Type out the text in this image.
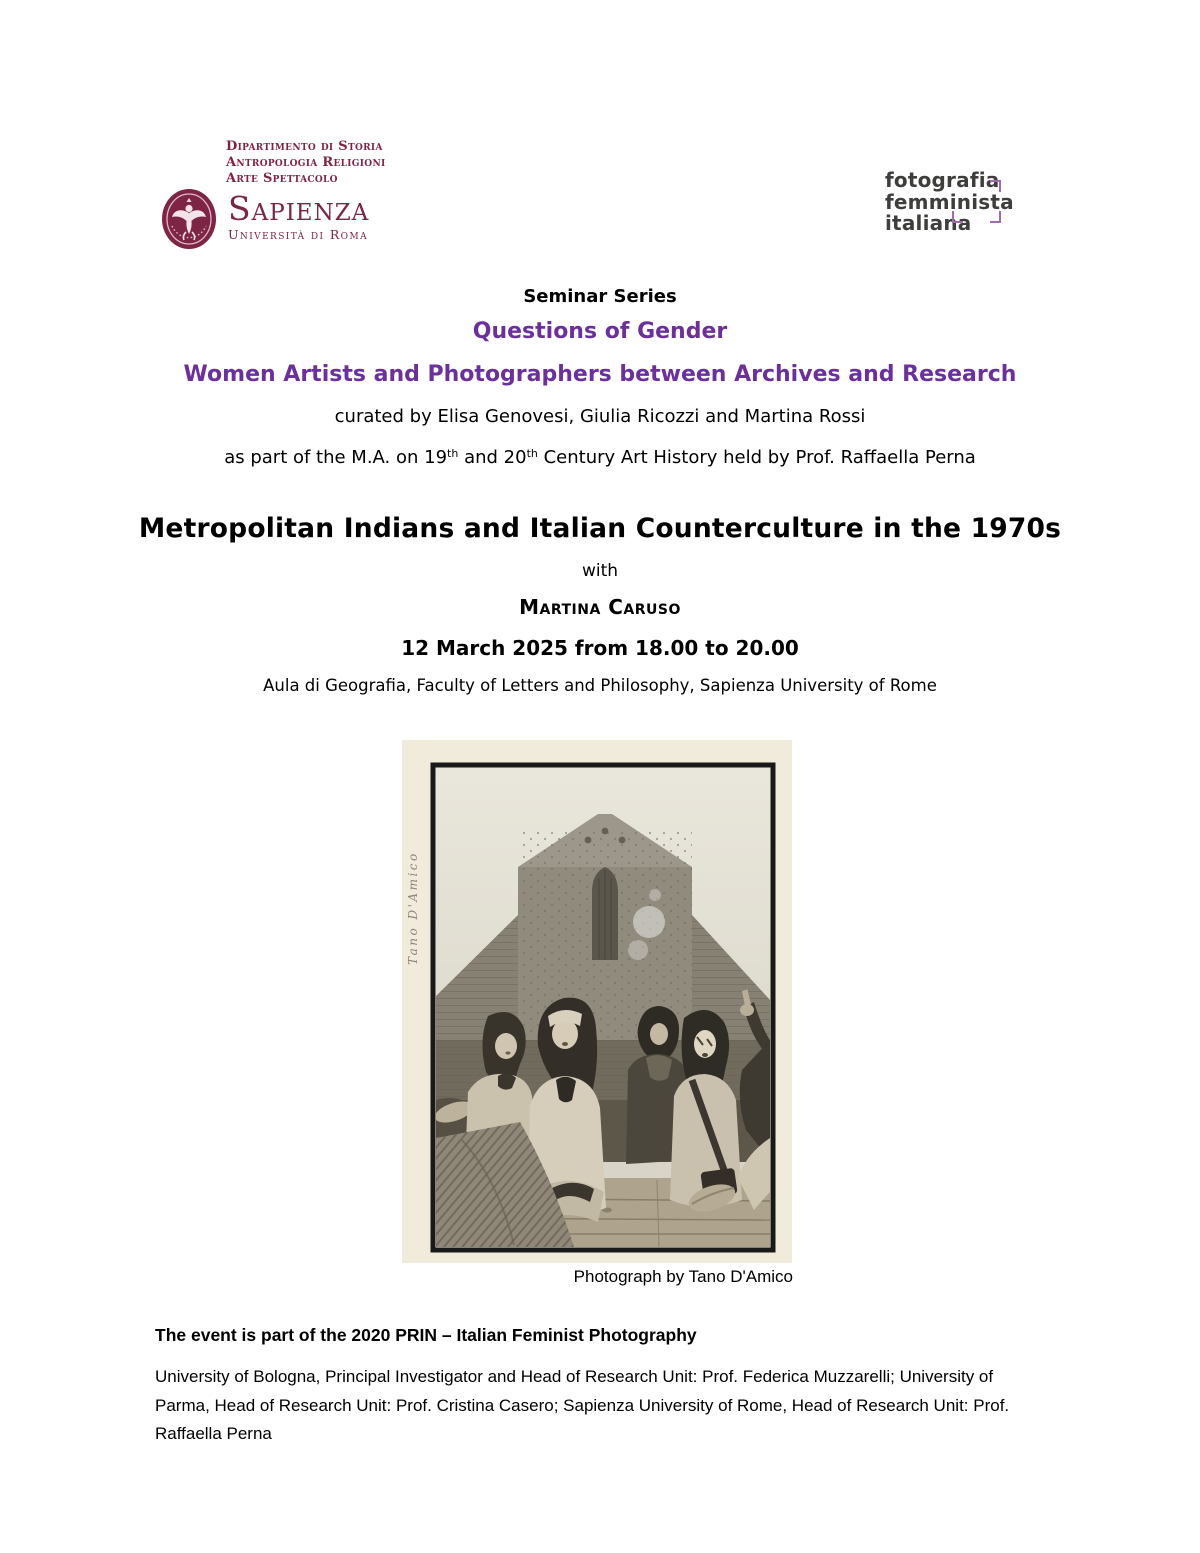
Dipartimento di Storia
Antropologia Religioni
Arte Spettacolo
Sapienza
Università di Roma
fotografia
femminista
italiana
Seminar Series
Questions of Gender
Women Artists and Photographers between Archives and Research
curated by Elisa Genovesi, Giulia Ricozzi and Martina Rossi
as part of the M.A. on 19th and 20th Century Art History held by Prof. Raffaella Perna
Metropolitan Indians and Italian Counterculture in the 1970s
with
Martina Caruso
12 March 2025 from 18.00 to 20.00
Aula di Geografia, Faculty of Letters and Philosophy, Sapienza University of Rome
Tano D'Amico
Photograph by Tano D'Amico
The event is part of the 2020 PRIN – Italian Feminist Photography
University of Bologna, Principal Investigator and Head of Research Unit: Prof. Federica Muzzarelli; University of Parma, Head of Research Unit: Prof. Cristina Casero; Sapienza University of Rome, Head of Research Unit: Prof. Raffaella Perna
